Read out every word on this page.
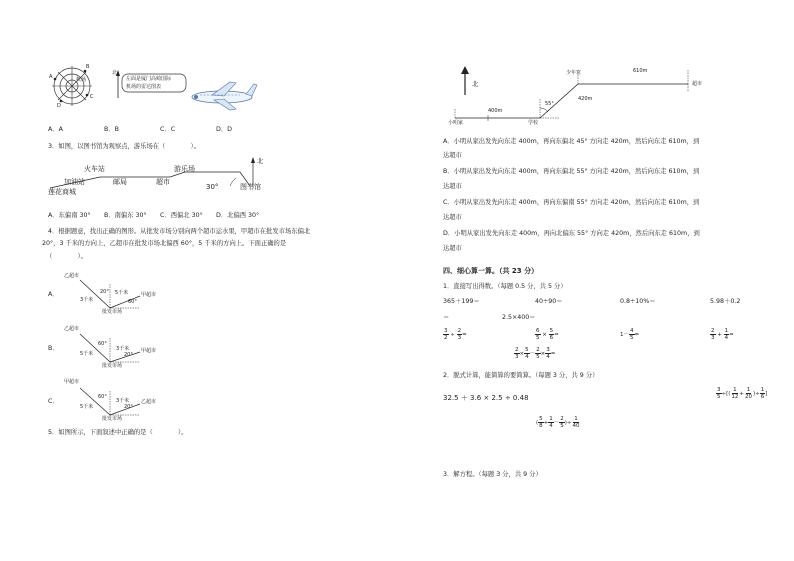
A
B
C
D
机场
北
左面是厦门高崎国际
机场的雷达图表
A．A	B．B	C．C	D．D
3．如图，以图书馆为观察点，游乐场在（　　　　）。
火车站	游乐场
加油站	邮局	超市
30°	图书馆
莲花商城
北
A．东偏南 30° B．南偏东 30° C．西偏北 30° D．北偏西 30°
4．根据题意，找出正确的图形。从批发市场分别向两个超市运水果，甲超市在批发市场东偏北
20°，3 千米的方向上，乙超市在批发市场北偏西 60°，5 千米的方向上。下面正确的是
（　　　　）。
A．
乙超市
甲超市
3千米
5千米
20°
60°
批发市场
B．
乙超市
甲超市
5千米
3千米
60°
20°
批发市场
C．
甲超市
乙超市
5千米
3千米
60°
20°
批发市场
5．如图所示，下面叙述中正确的是（　　　　）。
北
400m
55°
420m
少年宫	610m
超市
小明家	学校
A．小明从家出发先向东走 400m，再向东偏北 45° 方向走 420m，然后向东走 610m，到
达超市
B．小明从家出发先向东走 400m，再向东偏北 55° 方向走 420m，然后向东走 610m，到
达超市
C．小明从家出发先向东走 400m，再向东偏南 55° 方向走 420m，然后向东走 610m，到
达超市
D．小明从家出发先向东走 400m，再向北偏东 55° 方向走 420m，然后向东走 610m，到
达超市
四、细心算一算。（共 23 分）
1．直接写出得数。（每题 0.5 分，共 5 分）
365＋199＝	40÷90＝	0.8÷10%＝	5.98＋0.2
＝	2.5×400＝
$\frac{3}{2} \div \frac{2}{3}$ =	$\frac{6}{5} \times \frac{5}{6}$ =	$1- \frac{4}{5}$ =	$\frac{2}{3} + \frac{1}{4}$ =
$\frac{2}{3} \times \frac{5}{4} - \frac{2}{5} \times \frac{3}{4}$ =
2．脱式计算，能简算的要简算。（每题 3 分，共 9 分）
32.5 ＋ 3.6 × 2.5 ÷ 0.48	$\frac{3}{5}$ ÷[( $\frac{1}{12} + \frac{1}{20}$ )÷ $\frac{1}{6}$ ]
( $\frac{5}{8} + \frac{1}{4} - \frac{2}{5}$ )÷ $\frac{1}{40}$
3．解方程。（每题 3 分，共 9 分）
